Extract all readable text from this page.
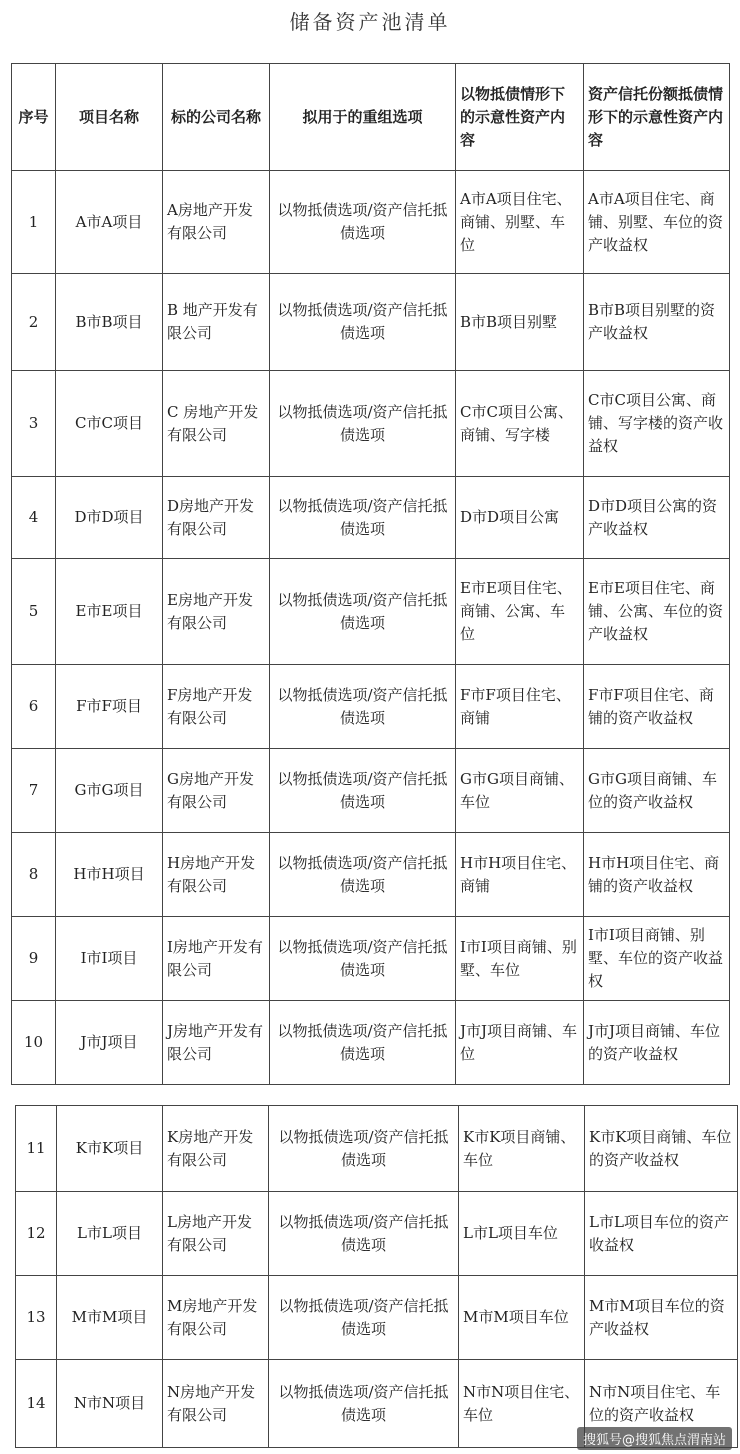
储备资产池清单
序号	项目名称	标的公司名称	拟用于的重组选项	以物抵债情形下的示意性资产内容	资产信托份额抵债情形下的示意性资产内容
1	A市A项目	A房地产开发有限公司	以物抵债选项/资产信托抵债选项	A市A项目住宅、商铺、别墅、车位	A市A项目住宅、商铺、别墅、车位的资产收益权
2	B市B项目	B 地产开发有限公司	以物抵债选项/资产信托抵债选项	B市B项目别墅	B市B项目别墅的资产收益权
3	C市C项目	C 房地产开发有限公司	以物抵债选项/资产信托抵债选项	C市C项目公寓、商铺、写字楼	C市C项目公寓、商铺、写字楼的资产收益权
4	D市D项目	D房地产开发有限公司	以物抵债选项/资产信托抵债选项	D市D项目公寓	D市D项目公寓的资产收益权
5	E市E项目	E房地产开发有限公司	以物抵债选项/资产信托抵债选项	E市E项目住宅、商铺、公寓、车位	E市E项目住宅、商铺、公寓、车位的资产收益权
6	F市F项目	F房地产开发有限公司	以物抵债选项/资产信托抵债选项	F市F项目住宅、商铺	F市F项目住宅、商铺的资产收益权
7	G市G项目	G房地产开发有限公司	以物抵债选项/资产信托抵债选项	G市G项目商铺、车位	G市G项目商铺、车位的资产收益权
8	H市H项目	H房地产开发有限公司	以物抵债选项/资产信托抵债选项	H市H项目住宅、商铺	H市H项目住宅、商铺的资产收益权
9	I市I项目	I房地产开发有限公司	以物抵债选项/资产信托抵债选项	I市I项目商铺、别墅、车位	I市I项目商铺、别墅、车位的资产收益权
10	J市J项目	J房地产开发有限公司	以物抵债选项/资产信托抵债选项	J市J项目商铺、车位	J市J项目商铺、车位的资产收益权
11	K市K项目	K房地产开发有限公司	以物抵债选项/资产信托抵债选项	K市K项目商铺、车位	K市K项目商铺、车位的资产收益权
12	L市L项目	L房地产开发有限公司	以物抵债选项/资产信托抵债选项	L市L项目车位	L市L项目车位的资产收益权
13	M市M项目	M房地产开发有限公司	以物抵债选项/资产信托抵债选项	M市M项目车位	M市M项目车位的资产收益权
14	N市N项目	N房地产开发有限公司	以物抵债选项/资产信托抵债选项	N市N项目住宅、车位	N市N项目住宅、车位的资产收益权
搜狐号@搜狐焦点渭南站
